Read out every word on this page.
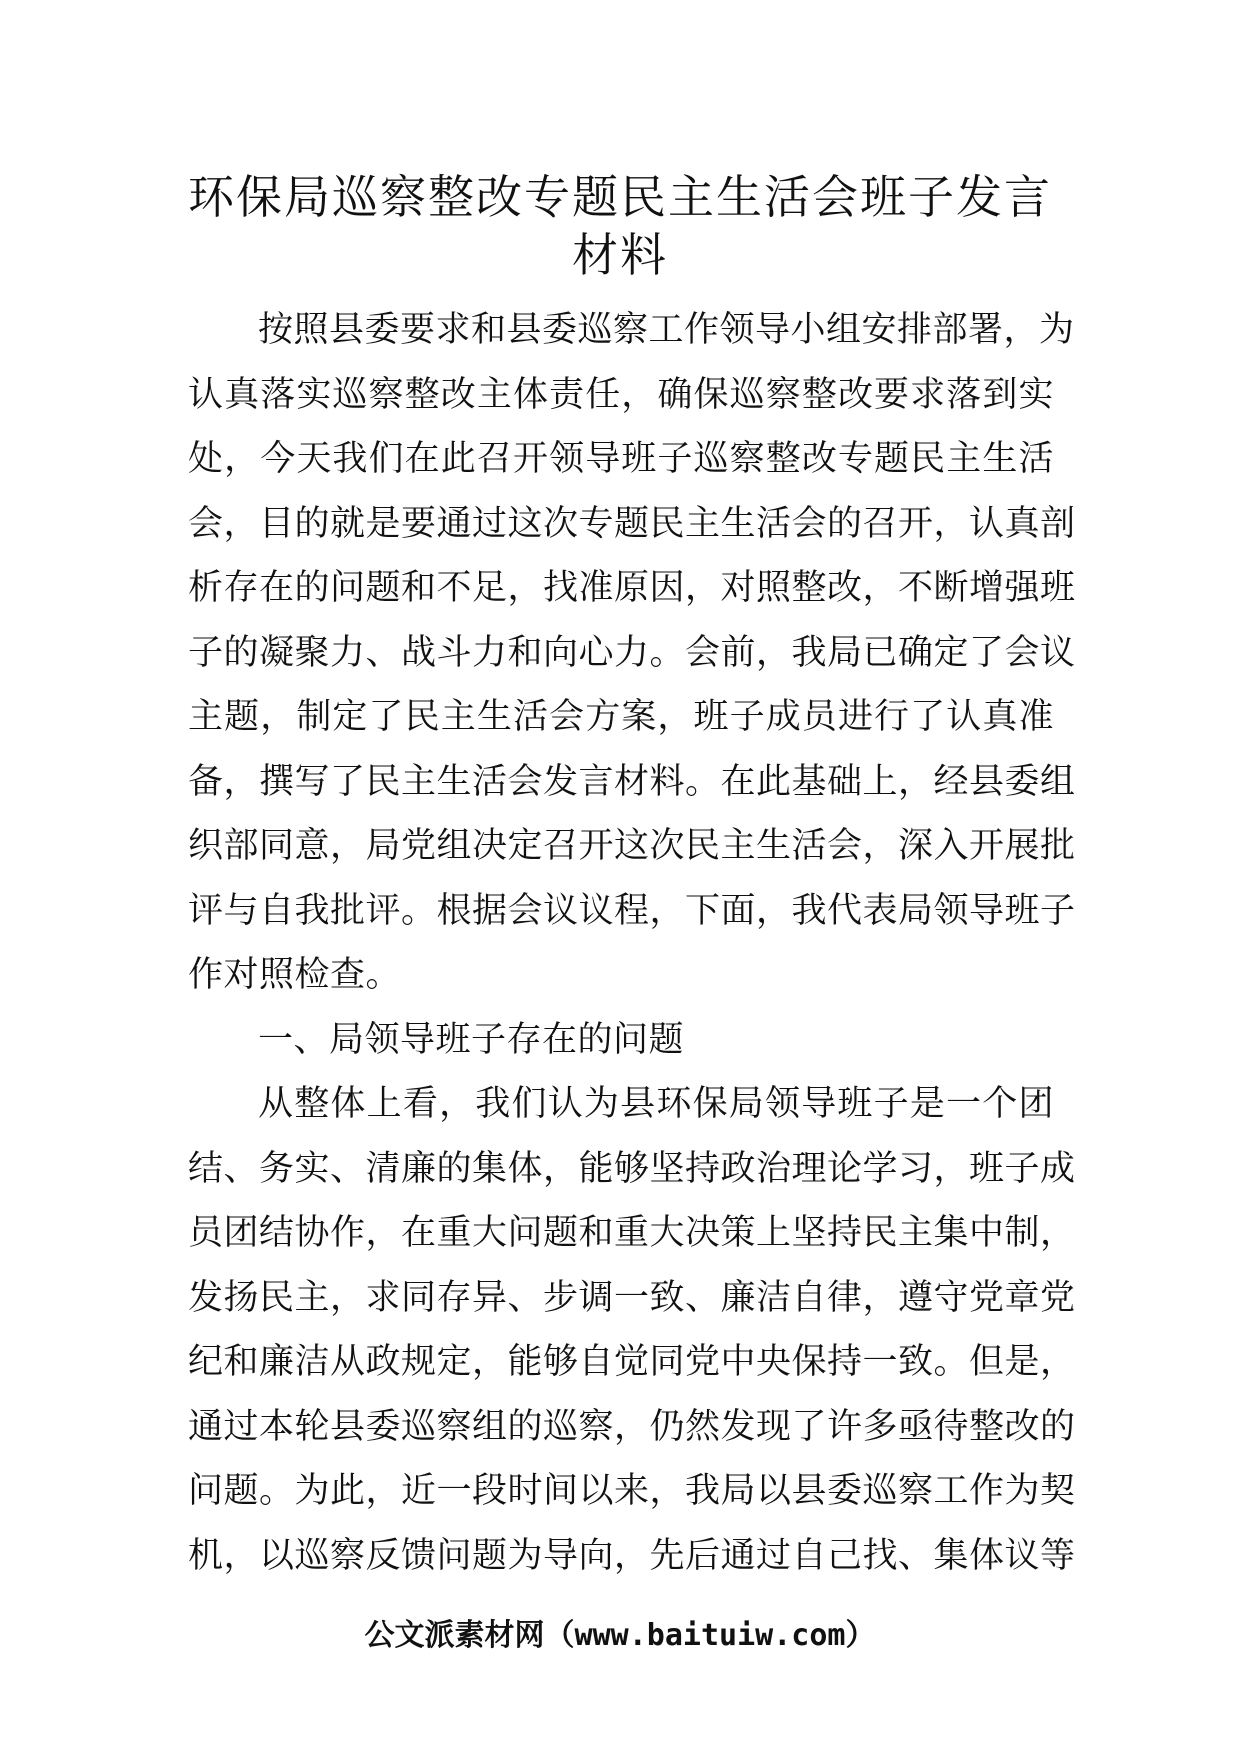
环保局巡察整改专题民主生活会班子发言
材料
按照县委要求和县委巡察工作领导小组安排部署，为
认真落实巡察整改主体责任，确保巡察整改要求落到实
处，今天我们在此召开领导班子巡察整改专题民主生活
会，目的就是要通过这次专题民主生活会的召开，认真剖
析存在的问题和不足，找准原因，对照整改，不断增强班
子的凝聚力、战斗力和向心力。会前，我局已确定了会议
主题，制定了民主生活会方案，班子成员进行了认真准
备，撰写了民主生活会发言材料。在此基础上，经县委组
织部同意，局党组决定召开这次民主生活会，深入开展批
评与自我批评。根据会议议程，下面，我代表局领导班子
作对照检查。
一、局领导班子存在的问题
从整体上看，我们认为县环保局领导班子是一个团
结、务实、清廉的集体，能够坚持政治理论学习，班子成
员团结协作，在重大问题和重大决策上坚持民主集中制，
发扬民主，求同存异、步调一致、廉洁自律，遵守党章党
纪和廉洁从政规定，能够自觉同党中央保持一致。但是，
通过本轮县委巡察组的巡察，仍然发现了许多亟待整改的
问题。为此，近一段时间以来，我局以县委巡察工作为契
机，以巡察反馈问题为导向，先后通过自己找、集体议等
公文派素材网（www.baituiw.com）
